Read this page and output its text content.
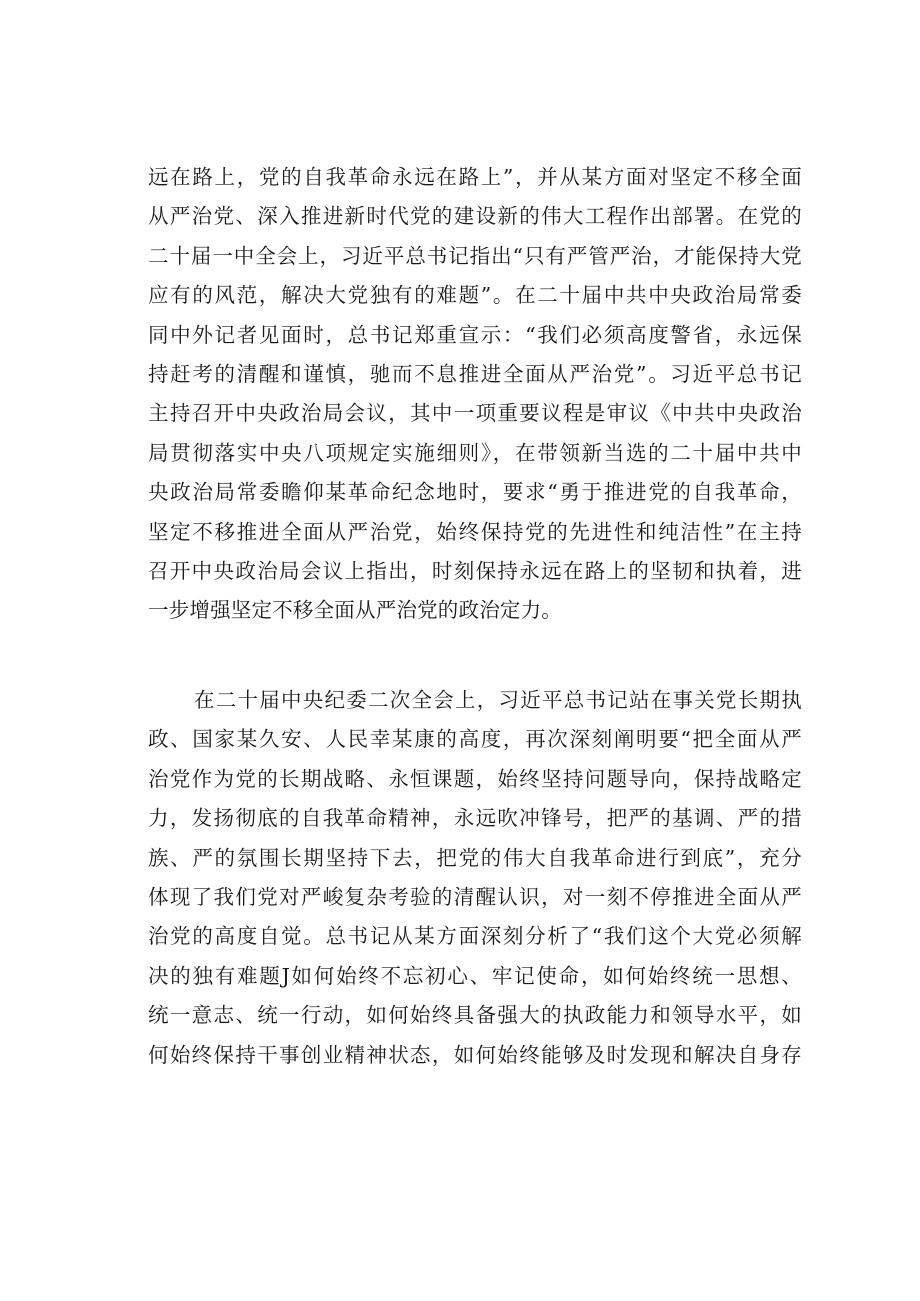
远在路上，党的自我革命永远在路上”，并从某方面对坚定不移全面
从严治党、深入推进新时代党的建设新的伟大工程作出部署。在党的
二十届一中全会上，习近平总书记指出“只有严管严治，才能保持大党
应有的风范，解决大党独有的难题”。在二十届中共中央政治局常委
同中外记者见面时，总书记郑重宣示：“我们必须高度警省，永远保
持赶考的清醒和谨慎，驰而不息推进全面从严治党”。习近平总书记
主持召开中央政治局会议，其中一项重要议程是审议《中共中央政治
局贯彻落实中央八项规定实施细则》，在带领新当选的二十届中共中
央政治局常委瞻仰某革命纪念地时，要求“勇于推进党的自我革命，
坚定不移推进全面从严治党，始终保持党的先进性和纯洁性”在主持
召开中央政治局会议上指出，时刻保持永远在路上的坚韧和执着，进
一步增强坚定不移全面从严治党的政治定力。
在二十届中央纪委二次全会上，习近平总书记站在事关党长期执
政、国家某久安、人民幸某康的高度，再次深刻阐明要“把全面从严
治党作为党的长期战略、永恒课题，始终坚持问题导向，保持战略定
力，发扬彻底的自我革命精神，永远吹冲锋号，把严的基调、严的措
族、严的氛围长期坚持下去，把党的伟大自我革命进行到底”，充分
体现了我们党对严峻复杂考验的清醒认识，对一刻不停推进全面从严
治党的高度自觉。总书记从某方面深刻分析了“我们这个大党必须解
决的独有难题J如何始终不忘初心、牢记使命，如何始终统一思想、
统一意志、统一行动，如何始终具备强大的执政能力和领导水平，如
何始终保持干事创业精神状态，如何始终能够及时发现和解决自身存
